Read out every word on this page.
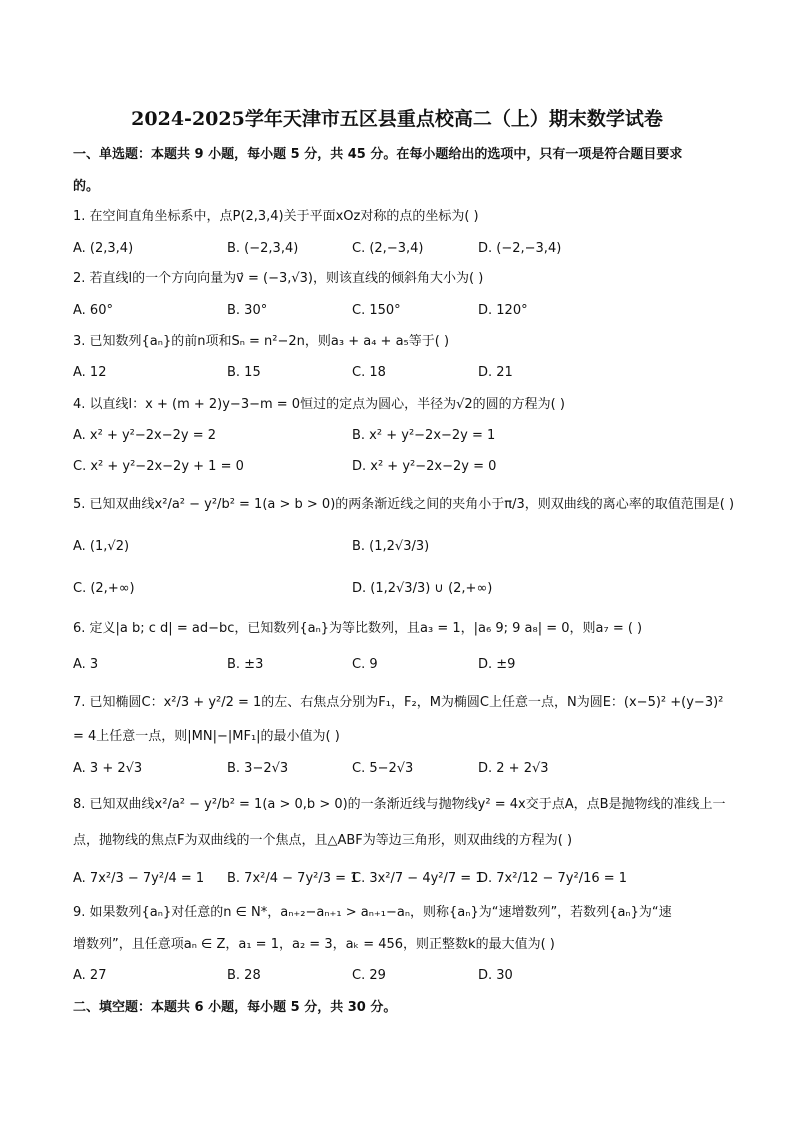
2024-2025学年天津市五区县重点校高二（上）期末数学试卷
一、单选题：本题共 9 小题，每小题 5 分，共 45 分。在每小题给出的选项中，只有一项是符合题目要求
的。
1. 在空间直角坐标系中，点P(2,3,4)关于平面xOz对称的点的坐标为( )
A. (2,3,4)	B. (−2,3,4)	C. (2,−3,4)	D. (−2,−3,4)
2. 若直线l的一个方向向量为v⃗ = (−3,√3)，则该直线的倾斜角大小为( )
A. 60°	B. 30°	C. 150°	D. 120°
3. 已知数列{aₙ}的前n项和Sₙ = n²−2n，则a₃ + a₄ + a₅等于( )
A. 12	B. 15	C. 18	D. 21
4. 以直线l：x + (m + 2)y−3−m = 0恒过的定点为圆心，半径为√2的圆的方程为( )
A. x² + y²−2x−2y = 2	B. x² + y²−2x−2y = 1
C. x² + y²−2x−2y + 1 = 0	D. x² + y²−2x−2y = 0
5. 已知双曲线x²/a² − y²/b² = 1(a > b > 0)的两条渐近线之间的夹角小于π/3，则双曲线的离心率的取值范围是( )
A. (1,√2)	B. (1,2√3/3)
C. (2,+∞)	D. (1,2√3/3) ∪ (2,+∞)
6. 定义|a b; c d| = ad−bc，已知数列{aₙ}为等比数列，且a₃ = 1，|a₆ 9; 9 a₈| = 0，则a₇ = ( )
A. 3	B. ±3	C. 9	D. ±9
7. 已知椭圆C：x²/3 + y²/2 = 1的左、右焦点分别为F₁，F₂，M为椭圆C上任意一点，N为圆E：(x−5)² +(y−3)²
= 4上任意一点，则|MN|−|MF₁|的最小值为( )
A. 3 + 2√3	B. 3−2√3	C. 5−2√3	D. 2 + 2√3
8. 已知双曲线x²/a² − y²/b² = 1(a > 0,b > 0)的一条渐近线与抛物线y² = 4x交于点A，点B是抛物线的准线上一
点，抛物线的焦点F为双曲线的一个焦点，且△ABF为等边三角形，则双曲线的方程为( )
A. 7x²/3 − 7y²/4 = 1 B. 7x²/4 − 7y²/3 = 1
C. 3x²/7 − 4y²/7 = 1
D. 7x²/12 − 7y²/16 = 1
9. 如果数列{aₙ}对任意的n ∈ N*，aₙ₊₂−aₙ₊₁ > aₙ₊₁−aₙ，则称{aₙ}为“速增数列”，若数列{aₙ}为“速
增数列”，且任意项aₙ ∈ Z，a₁ = 1，a₂ = 3，aₖ = 456，则正整数k的最大值为( )
A. 27	B. 28	C. 29	D. 30
二、填空题：本题共 6 小题，每小题 5 分，共 30 分。
